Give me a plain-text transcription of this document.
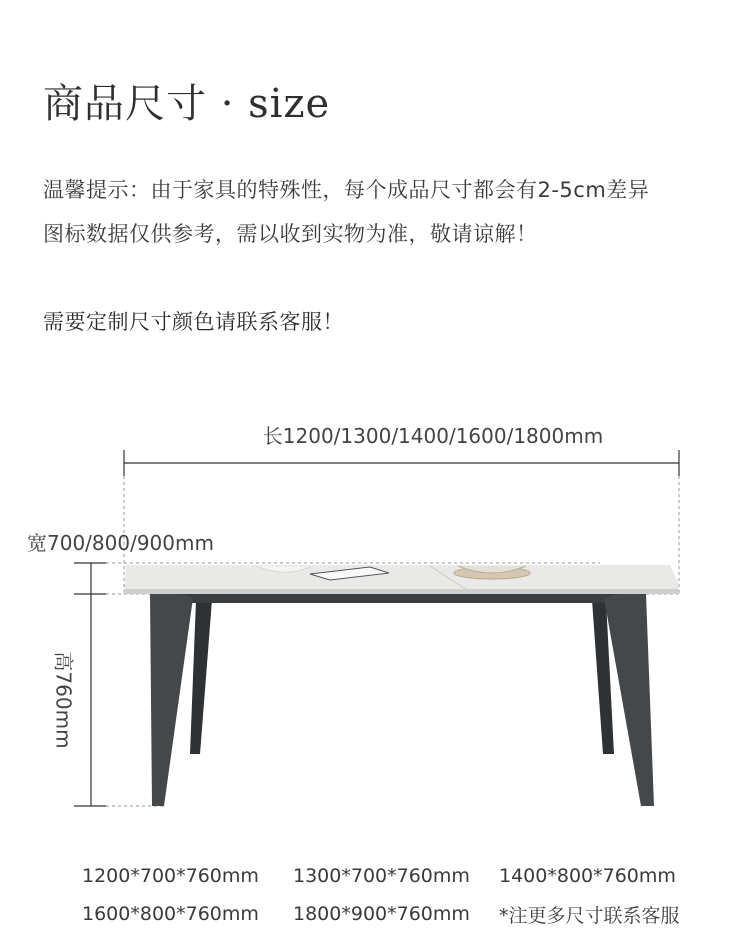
商品尺寸 · size
温馨提示：由于家具的特殊性，每个成品尺寸都会有2-5cm差异
图标数据仅供参考，需以收到实物为准，敬请谅解！
需要定制尺寸颜色请联系客服！
长1200/1300/1400/1600/1800mm
宽700/800/900mm
高760mm
1200*700*760mm	1300*700*760mm	1400*800*760mm
1600*800*760mm	1800*900*760mm	*注更多尺寸联系客服
